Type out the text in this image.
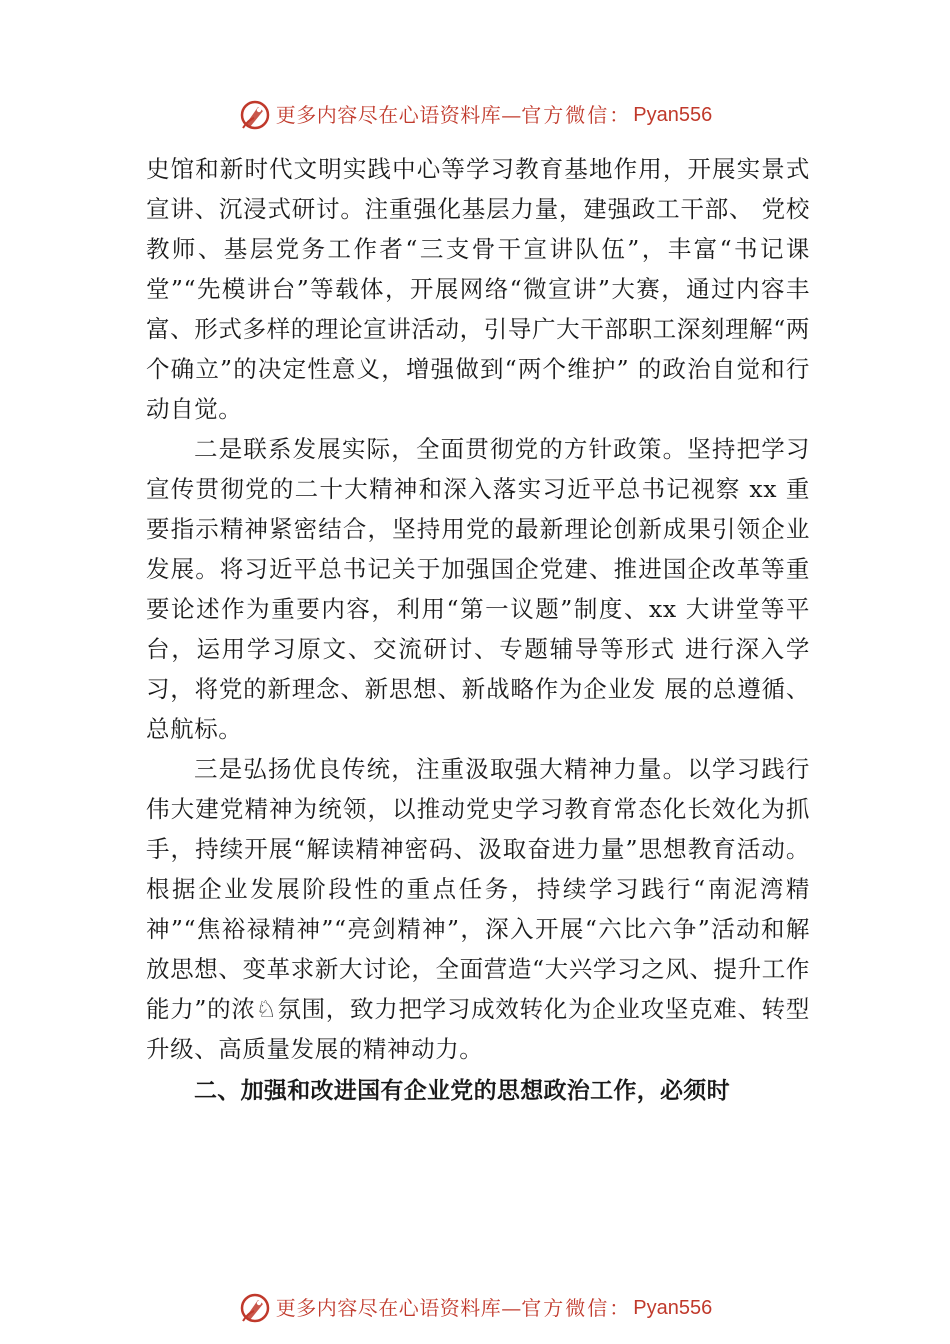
更多内容尽在心语资料库 — 官方微信： Pyan556

史馆和新时代文明实践中心等学习教育基地作用，开展实景式宣讲、沉浸式研讨。注重强化基层力量，建强政工干部、 党校教师、基层党务工作者“三支骨干宣讲队伍”，丰富“书记课堂”“先模讲台”等载体，开展网络“微宣讲”大赛，通过内容丰富、形式多样的理论宣讲活动，引导广大干部职工深刻理解“两个确立”的决定性意义，增强做到“两个维护” 的政治自觉和行动自觉。

二是联系发展实际，全面贯彻党的方针政策。坚持把学习宣传贯彻党的二十大精神和深入落实习近平总书记视察 xx 重要指示精神紧密结合，坚持用党的最新理论创新成果引领企业发展。将习近平总书记关于加强国企党建、推进国企改革等重要论述作为重要内容，利用“第一议题”制度、xx 大讲堂等平台，运用学习原文、交流研讨、专题辅导等形式 进行深入学习，将党的新理念、新思想、新战略作为企业发 展的总遵循、总航标。

三是弘扬优良传统，注重汲取强大精神力量。以学习践行伟大建党精神为统领，以推动党史学习教育常态化长效化为抓手，持续开展“解读精神密码、汲取奋进力量”思想教育活动。根据企业发展阶段性的重点任务，持续学习践行“南泥湾精神”“焦裕禄精神”“亮剑精神”，深入开展“六比六争”活动和解放思想、变革求新大讨论，全面营造“大兴学习之风、提升工作能力”的浓♘氛围，致力把学习成效转化为企业攻坚克难、转型升级、高质量发展的精神动力。

二、加强和改进国有企业党的思想政治工作，必须时

更多内容尽在心语资料库 — 官方微信： Pyan556
